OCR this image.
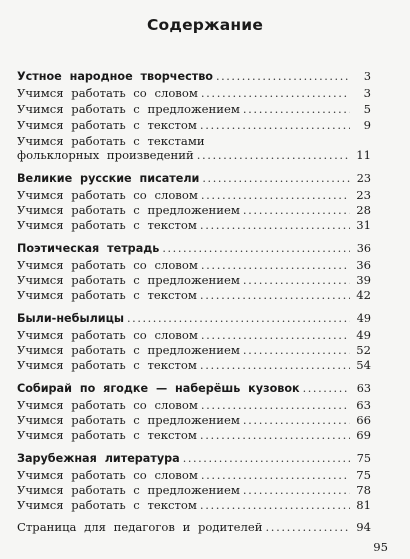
Содержание
Устное народное творчество .....	3
Учимся работать со словом .....	3
Учимся работать с предложением .....	5
Учимся работать с текстом .....	9
Учимся работать с текстами
фольклорных произведений .....	11
Великие русские писатели .....	23
Учимся работать со словом .....	23
Учимся работать с предложением .....	28
Учимся работать с текстом .....	31
Поэтическая тетрадь .....	36
Учимся работать со словом .....	36
Учимся работать с предложением .....	39
Учимся работать с текстом .....	42
Были-небылицы .....	49
Учимся работать со словом .....	49
Учимся работать с предложением .....	52
Учимся работать с текстом .....	54
Собирай по ягодке — наберёшь кузовок .....	63
Учимся работать со словом .....	63
Учимся работать с предложением .....	66
Учимся работать с текстом .....	69
Зарубежная литература .....	75
Учимся работать со словом .....	75
Учимся работать с предложением .....	78
Учимся работать с текстом .....	81
Страница для педагогов и родителей .....	94
95
